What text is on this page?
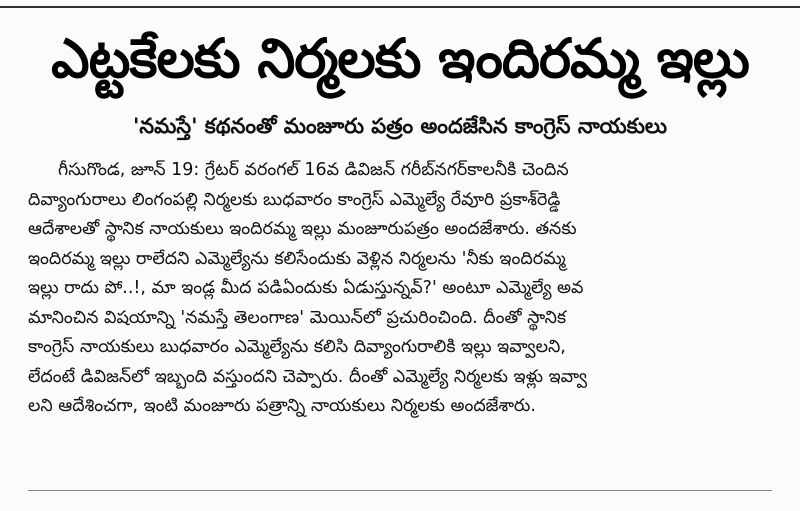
ఎట్టకేలకు నిర్మలకు ఇందిరమ్మ ఇల్లు
'నమస్తే' కథనంతో మంజూరు పత్రం అందజేసిన కాంగ్రెస్ నాయకులు
గీసుగొండ, జూన్ 19: గ్రేటర్ వరంగల్ 16వ డివిజన్ గరీబ్‌నగర్‌కాలనీకి చెందిన
దివ్యాంగురాలు లింగంపల్లి నిర్మలకు బుధవారం కాంగ్రెస్ ఎమ్మెల్యే రేవూరి ప్రకాశ్‌రెడ్డి
ఆదేశాలతో స్థానిక నాయకులు ఇందిరమ్మ ఇల్లు మంజూరుపత్రం అందజేశారు. తనకు
ఇందిరమ్మ ఇల్లు రాలేదని ఎమ్మెల్యేను కలిసేందుకు వెళ్లిన నిర్మలను 'నీకు ఇందిరమ్మ
ఇల్లు రాదు పో..!, మా ఇండ్ల మీద పడిఏందుకు ఏడుస్తున్నవ్?' అంటూ ఎమ్మెల్యే అవ
మానించిన విషయాన్ని 'నమస్తే తెలంగాణ' మెయిన్‌లో ప్రచురించింది. దీంతో స్థానిక
కాంగ్రెస్ నాయకులు బుధవారం ఎమ్మెల్యేను కలిసి దివ్యాంగురాలికి ఇల్లు ఇవ్వాలని,
లేదంటే డివిజన్‌లో ఇబ్బంది వస్తుందని చెప్పారు. దీంతో ఎమ్మెల్యే నిర్మలకు ఇళ్లు ఇవ్వా
లని ఆదేశించగా, ఇంటి మంజూరు పత్రాన్ని నాయకులు నిర్మలకు అందజేశారు.
